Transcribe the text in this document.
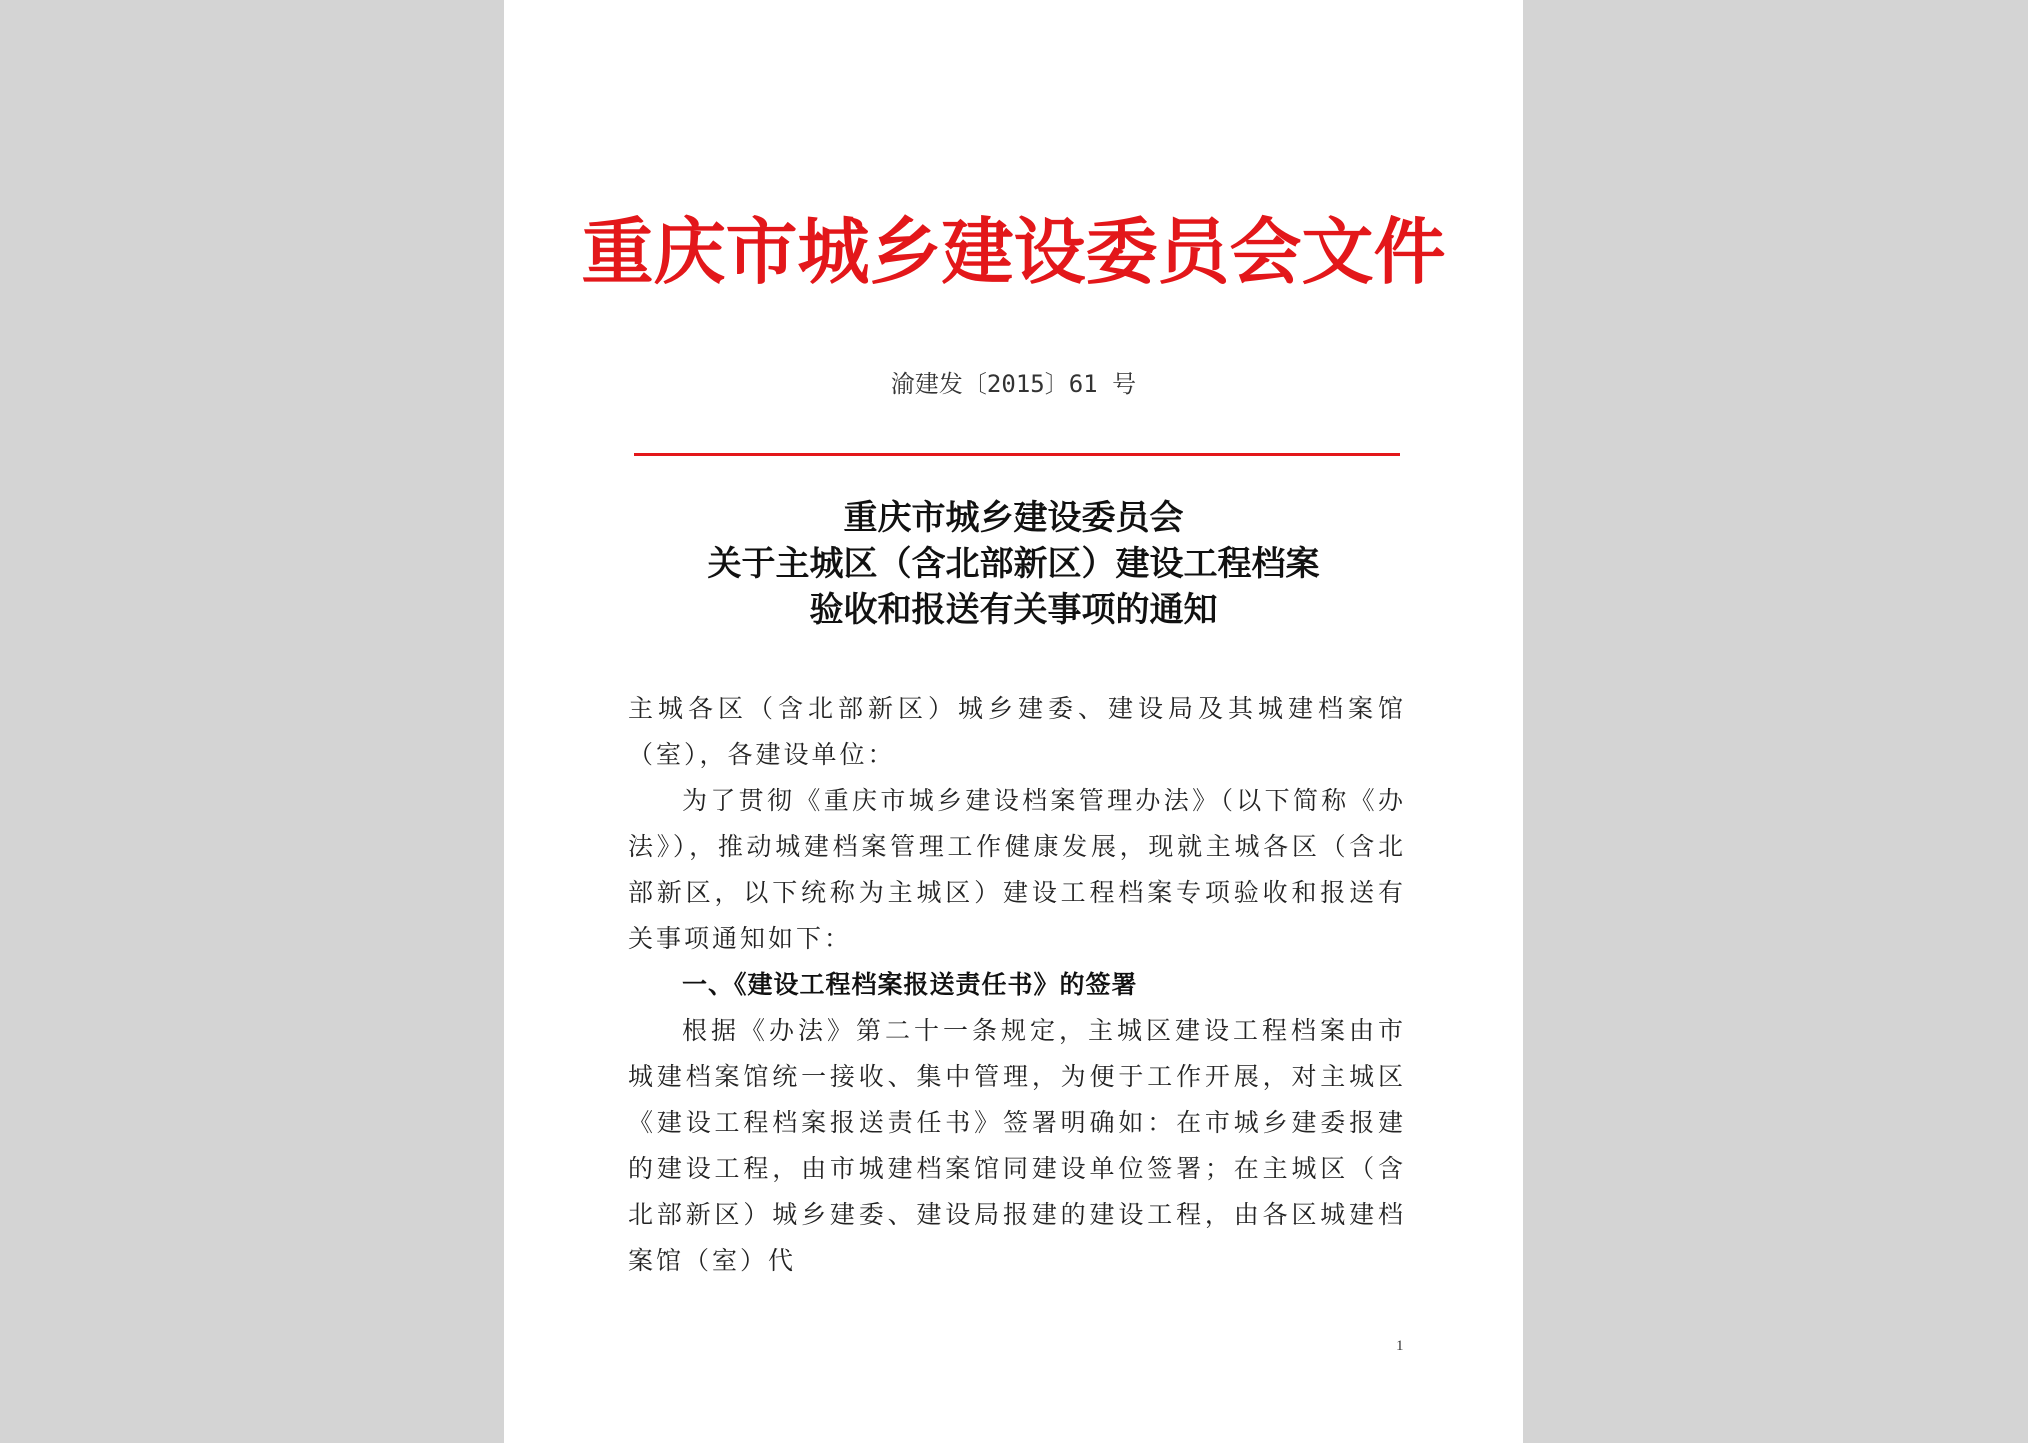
重庆市城乡建设委员会文件
渝建发〔2015〕61 号
重庆市城乡建设委员会
关于主城区（含北部新区）建设工程档案
验收和报送有关事项的通知

主城各区（含北部新区）城乡建委、建设局及其城建档案馆（室），各建设单位：

为了贯彻《重庆市城乡建设档案管理办法》（以下简称《办法》），推动城建档案管理工作健康发展，现就主城各区（含北部新区，以下统称为主城区）建设工程档案专项验收和报送有关事项通知如下：

一、《建设工程档案报送责任书》的签署

根据《办法》第二十一条规定，主城区建设工程档案由市城建档案馆统一接收、集中管理，为便于工作开展，对主城区《建设工程档案报送责任书》签署明确如：在市城乡建委报建的建设工程，由市城建档案馆同建设单位签署；在主城区（含北部新区）城乡建委、建设局报建的建设工程，由各区城建档案馆（室）代

1
